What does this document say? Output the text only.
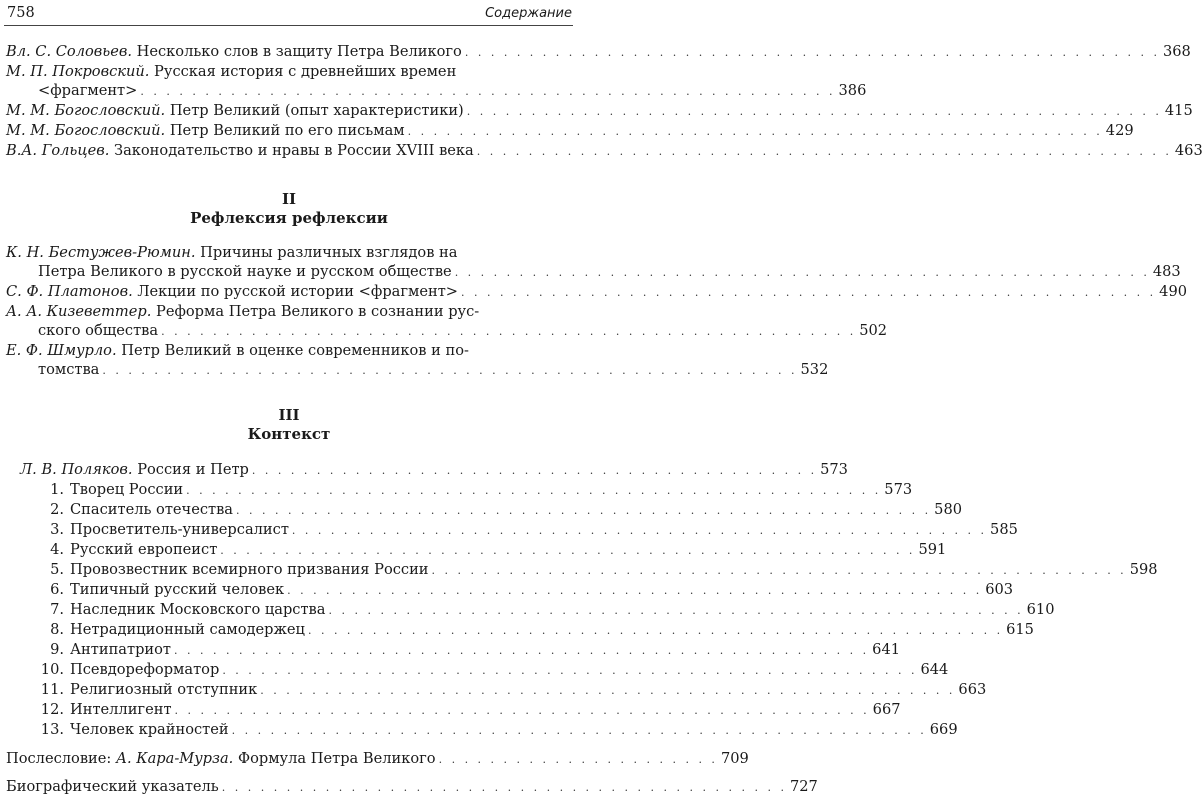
758	Содержание
Вл. С. Соловьев. Несколько слов в защиту Петра Великого . . . . . . . . . . . . . . . . . . . . . . . . . . . . . . . . . . . . . . . . . . . . . . . . . . . . . . 368
М. П. Покровский. Русская история с древнейших времен
<фрагмент> . . . . . . . . . . . . . . . . . . . . . . . . . . . . . . . . . . . . . . . . . . . . . . . . . . . . . . 386
М. М. Богословский. Петр Великий (опыт характеристики) . . . . . . . . . . . . . . . . . . . . . . . . . . . . . . . . . . . . . . . . . . . . . . . . . . . . . . 415
М. М. Богословский. Петр Великий по его письмам . . . . . . . . . . . . . . . . . . . . . . . . . . . . . . . . . . . . . . . . . . . . . . . . . . . . . . 429
В.А. Гольцев. Законодательство и нравы в России XVIII века . . . . . . . . . . . . . . . . . . . . . . . . . . . . . . . . . . . . . . . . . . . . . . . . . . . . . . 463
II
Рефлексия рефлексии
К. Н. Бестужев-Рюмин. Причины различных взглядов на
Петра Великого в русской науке и русском обществе . . . . . . . . . . . . . . . . . . . . . . . . . . . . . . . . . . . . . . . . . . . . . . . . . . . . . . 483
С. Ф. Платонов. Лекции по русской истории <фрагмент> . . . . . . . . . . . . . . . . . . . . . . . . . . . . . . . . . . . . . . . . . . . . . . . . . . . . . . 490
А. А. Кизеветтер. Реформа Петра Великого в сознании рус-
ского общества . . . . . . . . . . . . . . . . . . . . . . . . . . . . . . . . . . . . . . . . . . . . . . . . . . . . . . 502
Е. Ф. Шмурло. Петр Великий в оценке современников и по-
томства . . . . . . . . . . . . . . . . . . . . . . . . . . . . . . . . . . . . . . . . . . . . . . . . . . . . . . 532
III
Контекст
Л. В. Поляков. Россия и Петр . . . . . . . . . . . . . . . . . . . . . . . . . . . . . . . . . . . . . . . . . . . . 573
1. Творец России . . . . . . . . . . . . . . . . . . . . . . . . . . . . . . . . . . . . . . . . . . . . . . . . . . . . . . 573
2. Спаситель отечества . . . . . . . . . . . . . . . . . . . . . . . . . . . . . . . . . . . . . . . . . . . . . . . . . . . . . . 580
3. Просветитель-универсалист . . . . . . . . . . . . . . . . . . . . . . . . . . . . . . . . . . . . . . . . . . . . . . . . . . . . . . 585
4. Русский европеист . . . . . . . . . . . . . . . . . . . . . . . . . . . . . . . . . . . . . . . . . . . . . . . . . . . . . . 591
5. Провозвестник всемирного призвания России . . . . . . . . . . . . . . . . . . . . . . . . . . . . . . . . . . . . . . . . . . . . . . . . . . . . . . 598
6. Типичный русский человек . . . . . . . . . . . . . . . . . . . . . . . . . . . . . . . . . . . . . . . . . . . . . . . . . . . . . . 603
7. Наследник Московского царства . . . . . . . . . . . . . . . . . . . . . . . . . . . . . . . . . . . . . . . . . . . . . . . . . . . . . . 610
8. Нетрадиционный самодержец . . . . . . . . . . . . . . . . . . . . . . . . . . . . . . . . . . . . . . . . . . . . . . . . . . . . . . 615
9. Антипатриот . . . . . . . . . . . . . . . . . . . . . . . . . . . . . . . . . . . . . . . . . . . . . . . . . . . . . . 641
10. Псевдореформатор . . . . . . . . . . . . . . . . . . . . . . . . . . . . . . . . . . . . . . . . . . . . . . . . . . . . . . 644
11. Религиозный отступник . . . . . . . . . . . . . . . . . . . . . . . . . . . . . . . . . . . . . . . . . . . . . . . . . . . . . . 663
12. Интеллигент . . . . . . . . . . . . . . . . . . . . . . . . . . . . . . . . . . . . . . . . . . . . . . . . . . . . . . 667
13. Человек крайностей . . . . . . . . . . . . . . . . . . . . . . . . . . . . . . . . . . . . . . . . . . . . . . . . . . . . . . 669
Послесловие: А. Кара-Мурза. Формула Петра Великого . . . . . . . . . . . . . . . . . . . . . . 709
Биографический указатель . . . . . . . . . . . . . . . . . . . . . . . . . . . . . . . . . . . . . . . . . . . . 727
